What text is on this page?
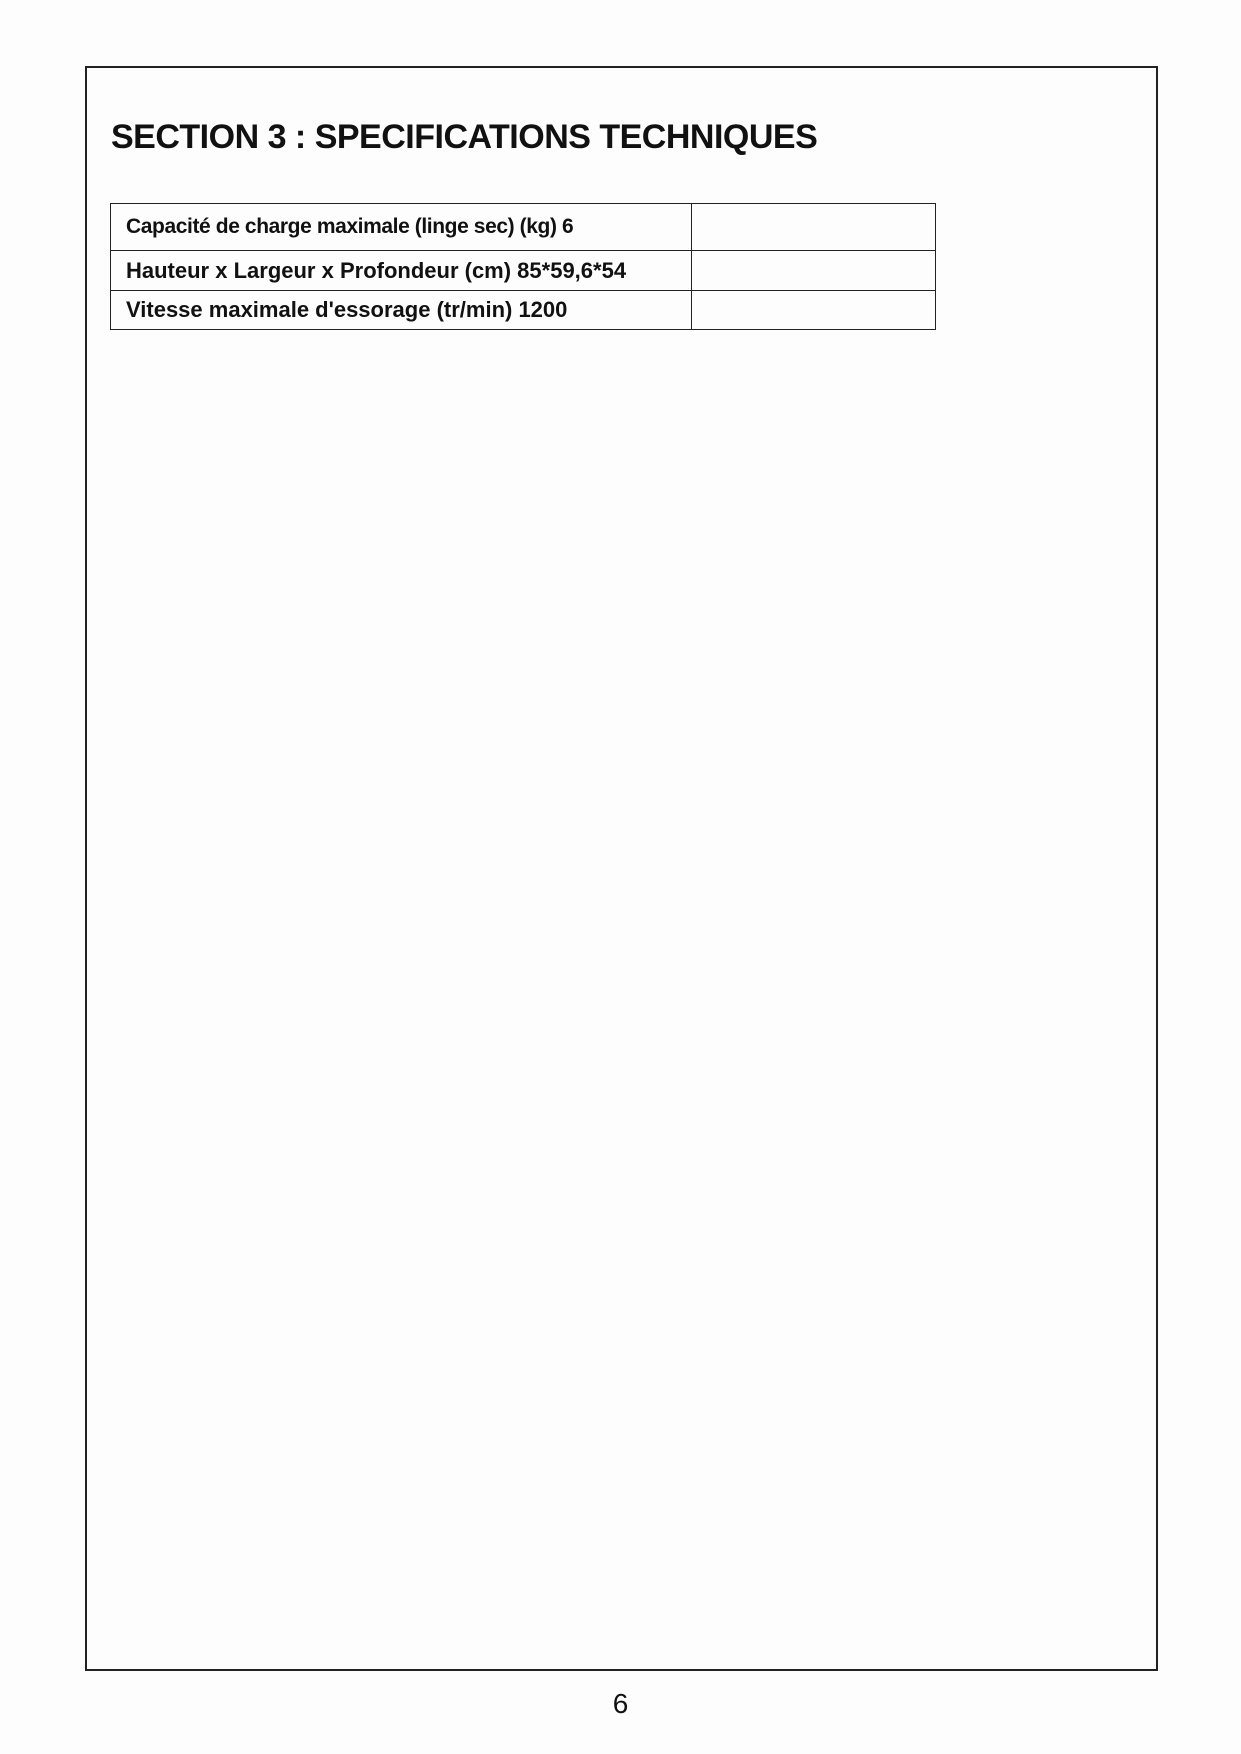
SECTION 3 : SPECIFICATIONS TECHNIQUES
Capacité de charge maximale (linge sec) (kg) 6	
Hauteur x Largeur x Profondeur (cm) 85*59,6*54	
Vitesse maximale d'essorage (tr/min) 1200	
6
